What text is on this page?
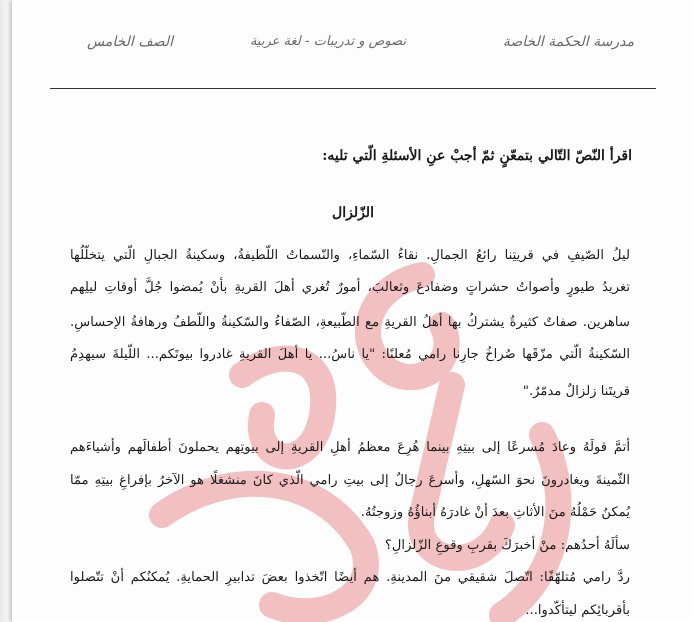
مدرسة الحكمة الخاصة
نصوص و تدريبات - لغة عربية
الصف الخامس
اقرأ النّصّ التّالي بتمعّنٍ ثمّ أجبْ عنِ الأسئلةِ الّتي تليه:
الزّلزال
ليلُ الصّيفِ في قريتِنا رائعُ الجمالِ. نقاءُ السّماءِ، والنّسماتُ اللّطيفةُ، وسكينةُ الجبالِ الّتي يتخلّلُها
تغريدُ طيورٍ وأصواتُ حشراتٍ وضفادعَ وثعالبَ، أمورٌ تُغري أهلَ القريةِ بأنْ يُمضوا جُلَّ أوقاتِ ليلِهم
ساهرين. صفاتٌ كثيرةٌ يشتركُ بها أهلُ القريةِ مع الطّبيعةِ، الصّفاءُ والسّكينةُ واللّطفُ ورهافةُ الإحساسِ.
السّكينةُ الّتي مزّقَها صُراخُ جارِنا رامي مُعلنًا: "يا ناسُ... يا أهلَ القريةِ غادروا بيوتَكم... اللّيلةَ سيهدِمُ
قريتَنا زلزالٌ مدمّرٌ."
أتمَّ قولَهُ وعادَ مُسرعًا إلى بيتِهِ بينما هُرِعَ معظمُ أهلِ القريةِ إلى بيوتِهم يحملونَ أطفالَهم وأشياءَهم
الثّمينةَ ويغادرونَ نحوَ السّهلِ، وأسرعَ رجالٌ إلى بيتِ رامي الّذي كانَ منشغلًا هو الآخرُ بإفراغِ بيتِهِ ممّا
يُمكنُ حَمْلُهُ منَ الأثاثِ بعدَ أنْ غادرَهُ أبناؤُهُ وزوجتُهُ.
سألَهُ أحدُهم: منْ أخبرَكَ بقربِ وقوعِ الزّلزالِ؟
ردَّ رامي مُتلهّفًا: اتّصلَ شقيقي منَ المدينةِ. هم أيضًا اتّخذوا بعضَ تدابيرِ الحمايةِ. يُمكنُكم أنْ تتّصلوا
بأقربائِكم ليتأكّدوا...
